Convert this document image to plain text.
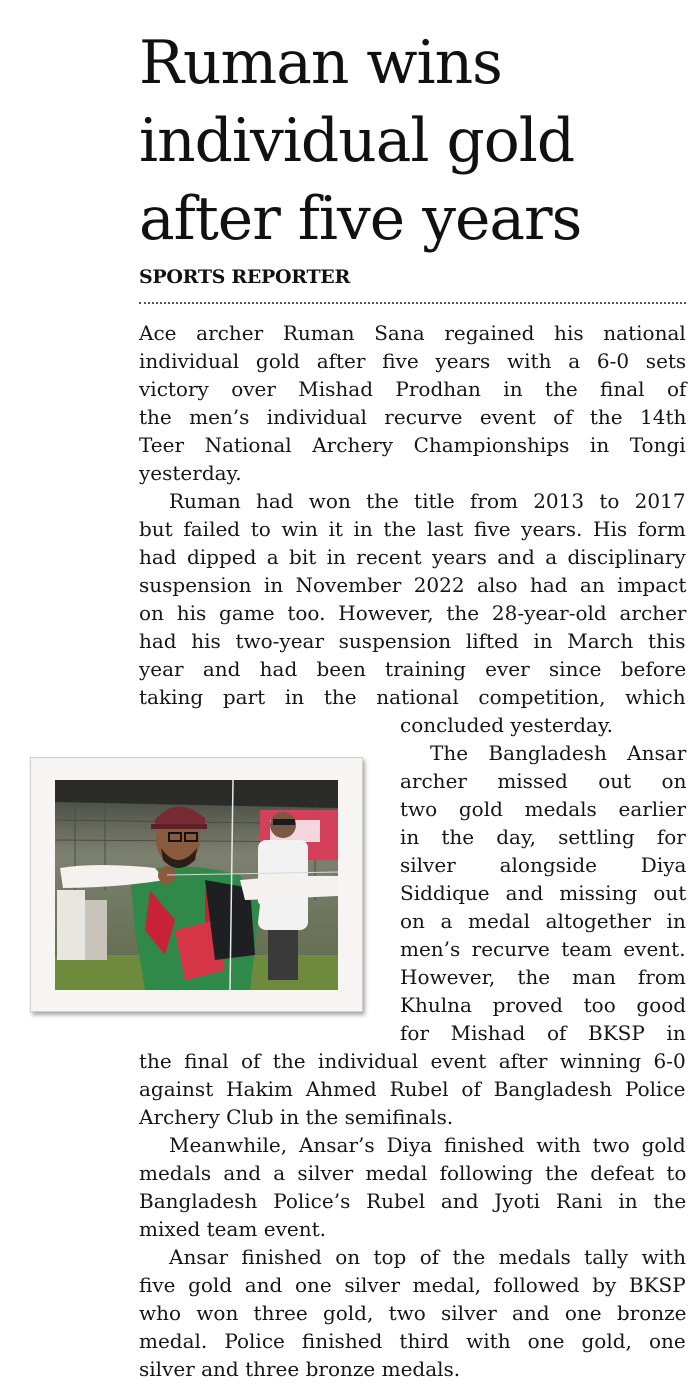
Ruman wins
individual gold
after five years
SPORTS REPORTER
Ace archer Ruman Sana regained his national
individual gold after five years with a 6-0 sets
victory over Mishad Prodhan in the final of
the men’s individual recurve event of the 14th
Teer National Archery Championships in Tongi
yesterday.
Ruman had won the title from 2013 to 2017
but failed to win it in the last five years. His form
had dipped a bit in recent years and a disciplinary
suspension in November 2022 also had an impact
on his game too. However, the 28-year-old archer
had his two-year suspension lifted in March this
year and had been training ever since before
taking part in the national competition, which
concluded yesterday.
The Bangladesh Ansar
archer missed out on
two gold medals earlier
in the day, settling for
silver alongside Diya
Siddique and missing out
on a medal altogether in
men’s recurve team event.
However, the man from
Khulna proved too good
for Mishad of BKSP in
the final of the individual event after winning 6-0
against Hakim Ahmed Rubel of Bangladesh Police
Archery Club in the semifinals.
Meanwhile, Ansar’s Diya finished with two gold
medals and a silver medal following the defeat to
Bangladesh Police’s Rubel and Jyoti Rani in the
mixed team event.
Ansar finished on top of the medals tally with
five gold and one silver medal, followed by BKSP
who won three gold, two silver and one bronze
medal. Police finished third with one gold, one
silver and three bronze medals.
